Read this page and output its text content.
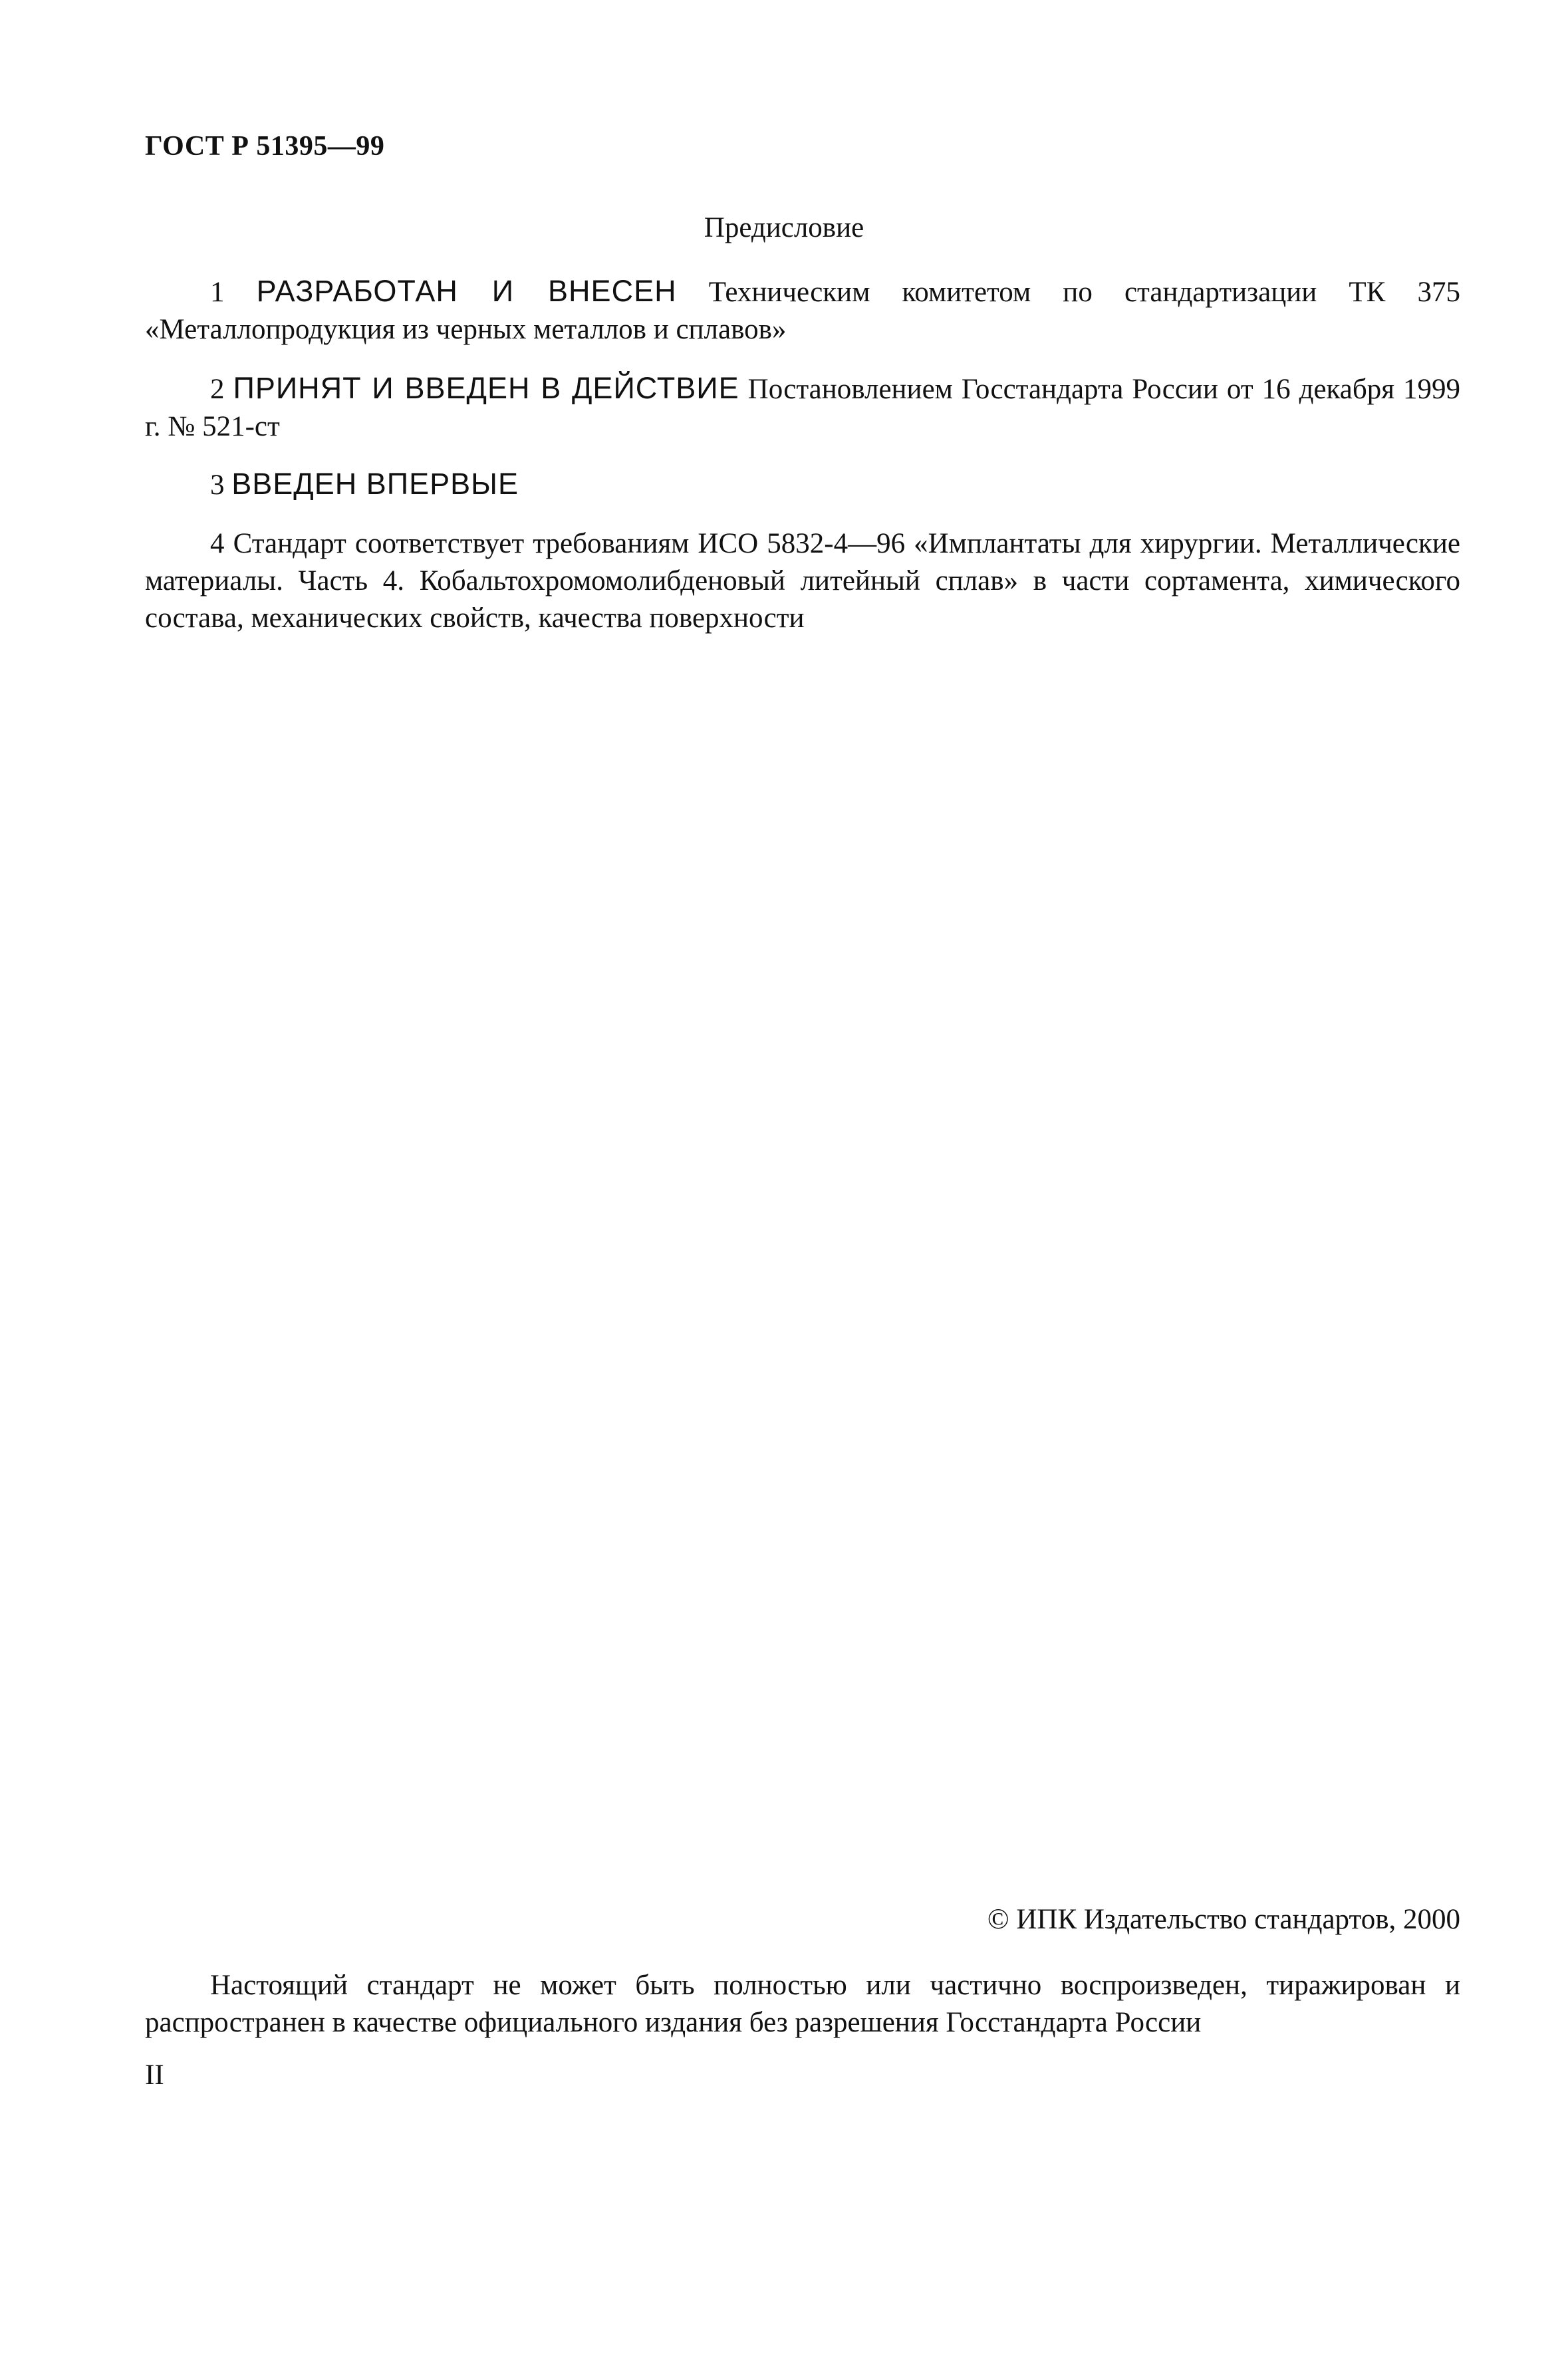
ГОСТ Р 51395—99
Предисловие

1 РАЗРАБОТАН И ВНЕСЕН Техническим комитетом по стандартизации ТК 375 «Металлопродукция из черных металлов и сплавов»

2 ПРИНЯТ И ВВЕДЕН В ДЕЙСТВИЕ Постановлением Госстандарта России от 16 декабря 1999 г. № 521-ст

3 ВВЕДЕН ВПЕРВЫЕ

4 Стандарт соответствует требованиям ИСО 5832-4—96 «Имплантаты для хирургии. Металлические материалы. Часть 4. Кобальтохромомолибденовый литейный сплав» в части сортамента, химического состава, механических свойств, качества поверхности

© ИПК Издательство стандартов, 2000

Настоящий стандарт не может быть полностью или частично воспроизведен, тиражирован и распространен в качестве официального издания без разрешения Госстандарта России

II
